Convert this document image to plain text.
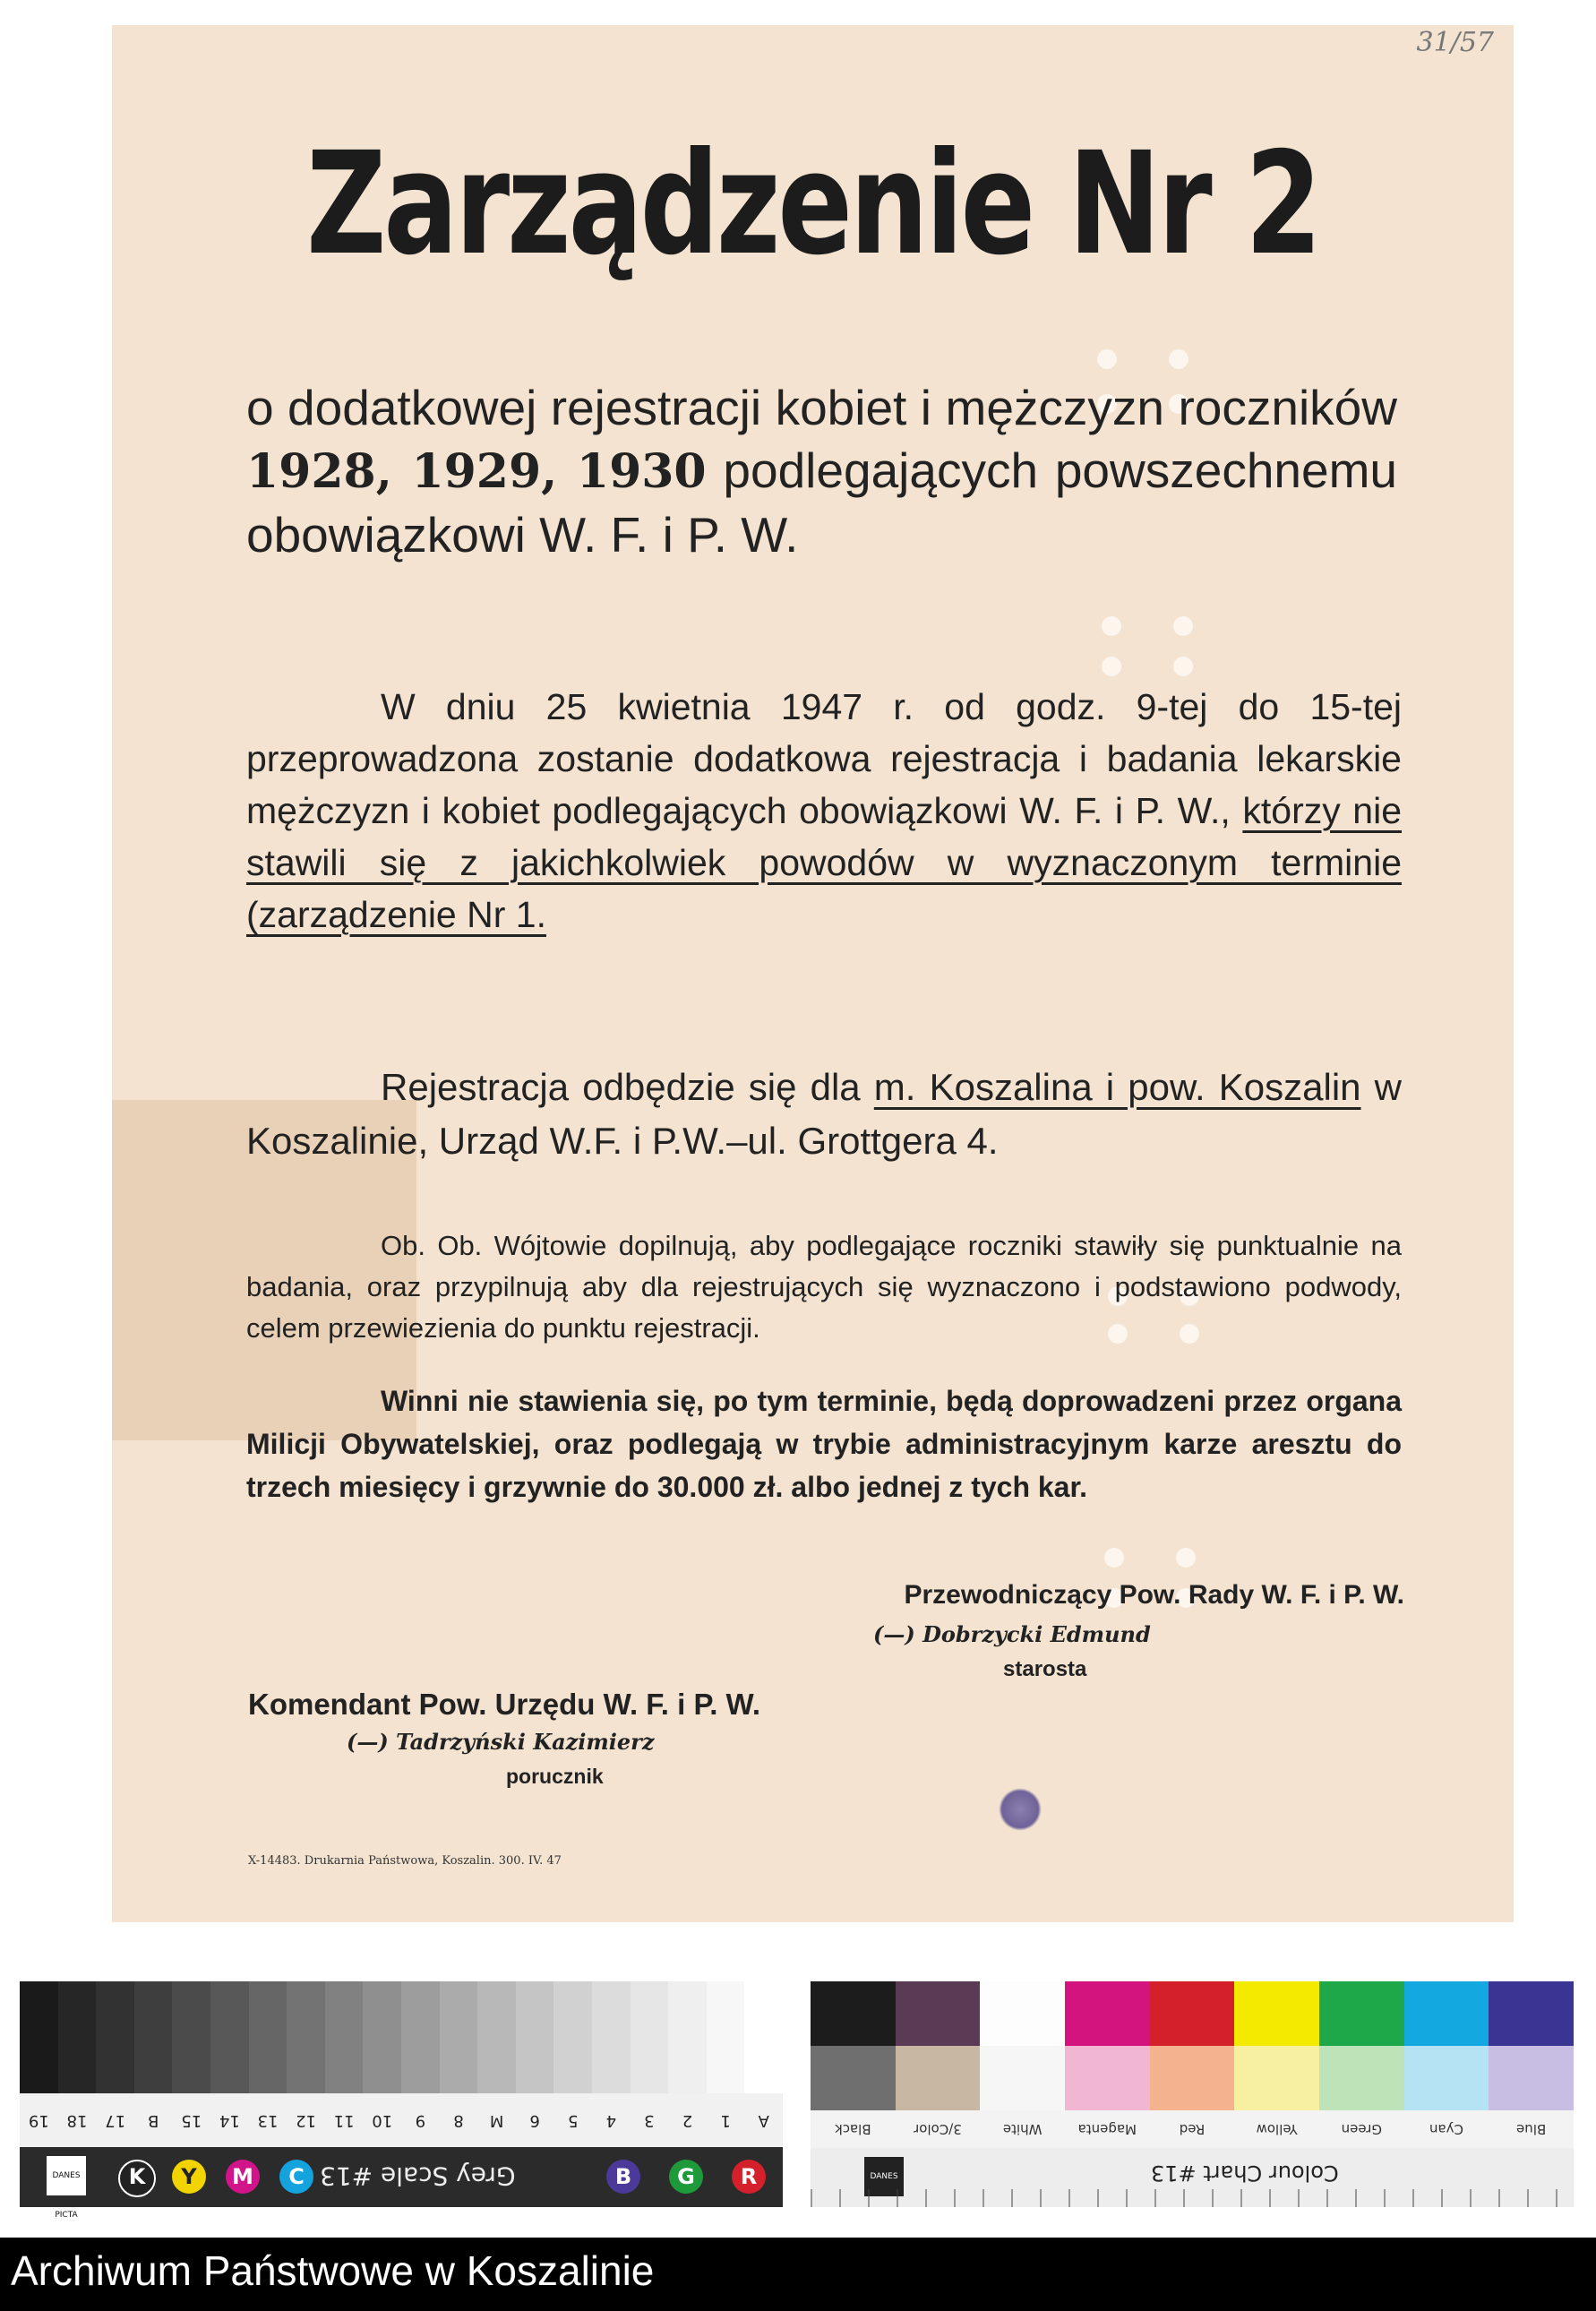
31/57
Zarządzenie Nr 2

o dodatkowej rejestracji kobiet i mężczyzn roczników 1928, 1929, 1930 podlegających powszechnemu obowiązkowi W. F. i P. W.

W dniu 25 kwietnia 1947 r. od godz. 9-tej do 15-tej przeprowadzona zostanie dodatkowa rejestracja i badania lekarskie mężczyzn i kobiet podlegających obowiązkowi W. F. i P. W., którzy nie stawili się z jakichkolwiek powodów w wyznaczonym terminie (zarządzenie Nr 1.

Rejestracja odbędzie się dla m. Koszalina i pow. Koszalin w Koszalinie, Urząd W.F. i P.W.–ul. Grottgera 4.

Ob. Ob. Wójtowie dopilnują, aby podlegające roczniki stawiły się punktualnie na badania, oraz przypilnują aby dla rejestrujących się wyznaczono i podstawiono podwody, celem przewiezienia do punktu rejestracji.

Winni nie stawienia się, po tym terminie, będą doprowadzeni przez organa Milicji Obywatelskiej, oraz podlegają w trybie administracyjnym karze aresztu do trzech miesięcy i grzywnie do 30.000 zł. albo jednej z tych kar.

Przewodniczący Pow. Rady W. F. i P. W.
(—) Dobrzycki Edmund
starosta
Komendant Pow. Urzędu W. F. i P. W.
(—) Tadrzyński Kazimierz
porucznik
X-14483. Drukarnia Państwowa, Koszalin. 300. IV. 47
A
1
2
3
4
5
6
M
8
9
10
11
12
13
14
15
B
17
18
19
DANES PICTA
K	Y	M	C Grey Scale #13	B	G	R
Blue
Cyan
Green
Yellow
Red
Magenta
White
3/Color
Black
DANES PICTA
Colour Chart #13
Archiwum Państwowe w Koszalinie
